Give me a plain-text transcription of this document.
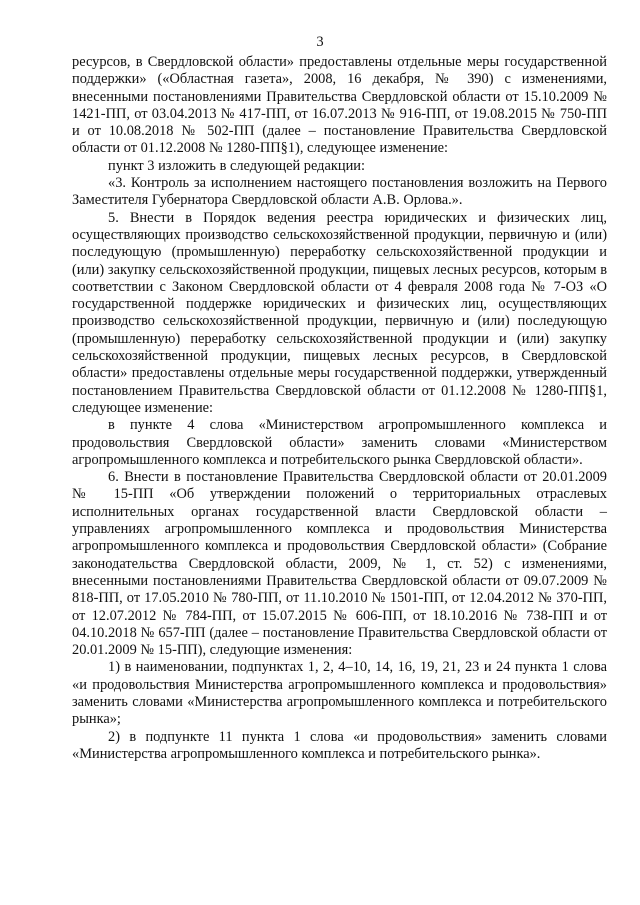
3

ресурсов, в Свердловской области» предоставлены отдельные меры государственной поддержки» («Областная газета», 2008, 16 декабря, № 390) с изменениями, внесенными постановлениями Правительства Свердловской области от 15.10.2009 № 1421-ПП, от 03.04.2013 № 417-ПП, от 16.07.2013 № 916-ПП, от 19.08.2015 № 750-ПП и от 10.08.2018 № 502-ПП (далее – постановление Правительства Свердловской области от 01.12.2008 № 1280-ПП§1), следующее изменение:

пункт 3 изложить в следующей редакции:

«3. Контроль за исполнением настоящего постановления возложить на Первого Заместителя Губернатора Свердловской области А.В. Орлова.».

5. Внести в Порядок ведения реестра юридических и физических лиц, осуществляющих производство сельскохозяйственной продукции, первичную и (или) последующую (промышленную) переработку сельскохозяйственной продукции и (или) закупку сельскохозяйственной продукции, пищевых лесных ресурсов, которым в соответствии с Законом Свердловской области от 4 февраля 2008 года № 7-ОЗ «О государственной поддержке юридических и физических лиц, осуществляющих производство сельскохозяйственной продукции, первичную и (или) последующую (промышленную) переработку сельскохозяйственной продукции и (или) закупку сельскохозяйственной продукции, пищевых лесных ресурсов, в Свердловской области» предоставлены отдельные меры государственной поддержки, утвержденный постановлением Правительства Свердловской области от 01.12.2008 № 1280-ПП§1, следующее изменение:

в пункте 4 слова «Министерством агропромышленного комплекса и продовольствия Свердловской области» заменить словами «Министерством агропромышленного комплекса и потребительского рынка Свердловской области».

6. Внести в постановление Правительства Свердловской области от 20.01.2009 № 15-ПП «Об утверждении положений о территориальных отраслевых исполнительных органах государственной власти Свердловской области – управлениях агропромышленного комплекса и продовольствия Министерства агропромышленного комплекса и продовольствия Свердловской области» (Собрание законодательства Свердловской области, 2009, № 1, ст. 52) с изменениями, внесенными постановлениями Правительства Свердловской области от 09.07.2009 № 818-ПП, от 17.05.2010 № 780-ПП, от 11.10.2010 № 1501-ПП, от 12.04.2012 № 370-ПП, от 12.07.2012 № 784-ПП, от 15.07.2015 № 606-ПП, от 18.10.2016 № 738-ПП и от 04.10.2018 № 657-ПП (далее – постановление Правительства Свердловской области от 20.01.2009 № 15-ПП), следующие изменения:

1) в наименовании, подпунктах 1, 2, 4–10, 14, 16, 19, 21, 23 и 24 пункта 1 слова «и продовольствия Министерства агропромышленного комплекса и продовольствия» заменить словами «Министерства агропромышленного комплекса и потребительского рынка»;

2) в подпункте 11 пункта 1 слова «и продовольствия» заменить словами «Министерства агропромышленного комплекса и потребительского рынка».
